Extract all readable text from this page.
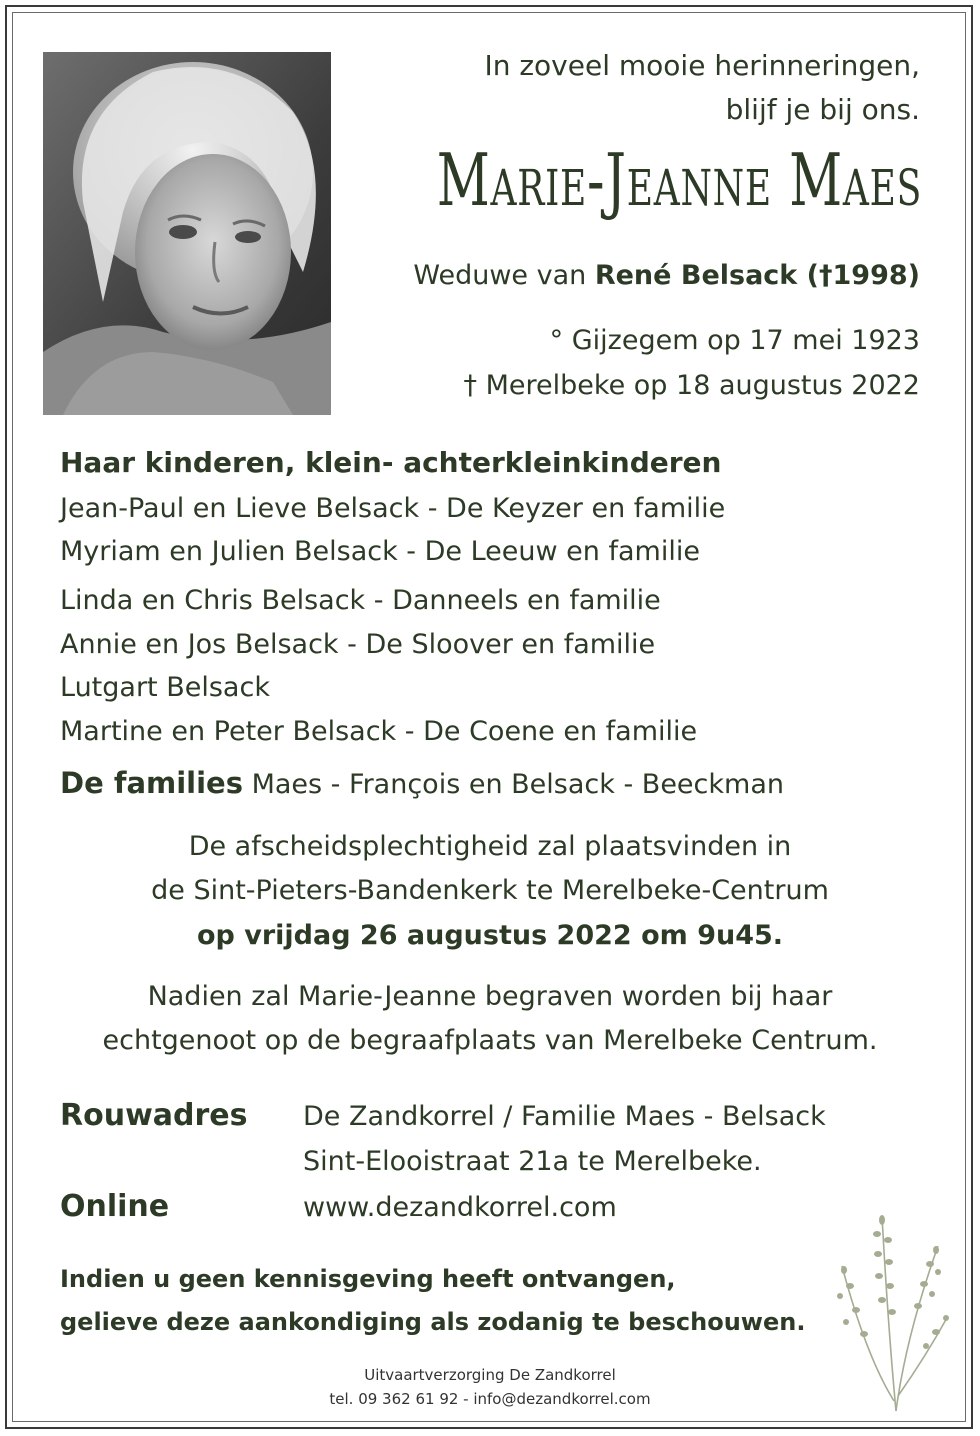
In zoveel mooie herinneringen,
blijf je bij ons.
Marie-Jeanne Maes
Weduwe van René Belsack (†1998)
° Gijzegem op 17 mei 1923
† Merelbeke op 18 augustus 2022
Haar kinderen, klein- achterkleinkinderen
Jean-Paul en Lieve Belsack - De Keyzer en familie
Myriam en Julien Belsack - De Leeuw en familie
Linda en Chris Belsack - Danneels en familie
Annie en Jos Belsack - De Sloover en familie
Lutgart Belsack
Martine en Peter Belsack - De Coene en familie
De families Maes - François en Belsack - Beeckman
De afscheidsplechtigheid zal plaatsvinden in
de Sint-Pieters-Bandenkerk te Merelbeke-Centrum
op vrijdag 26 augustus 2022 om 9u45.
Nadien zal Marie-Jeanne begraven worden bij haar
echtgenoot op de begraafplaats van Merelbeke Centrum.
Rouwadres De Zandkorrel / Familie Maes - Belsack
Sint-Elooistraat 21a te Merelbeke.
Online	www.dezandkorrel.com
Indien u geen kennisgeving heeft ontvangen,
gelieve deze aankondiging als zodanig te beschouwen.
Uitvaartverzorging De Zandkorrel
tel. 09 362 61 92 - info@dezandkorrel.com
